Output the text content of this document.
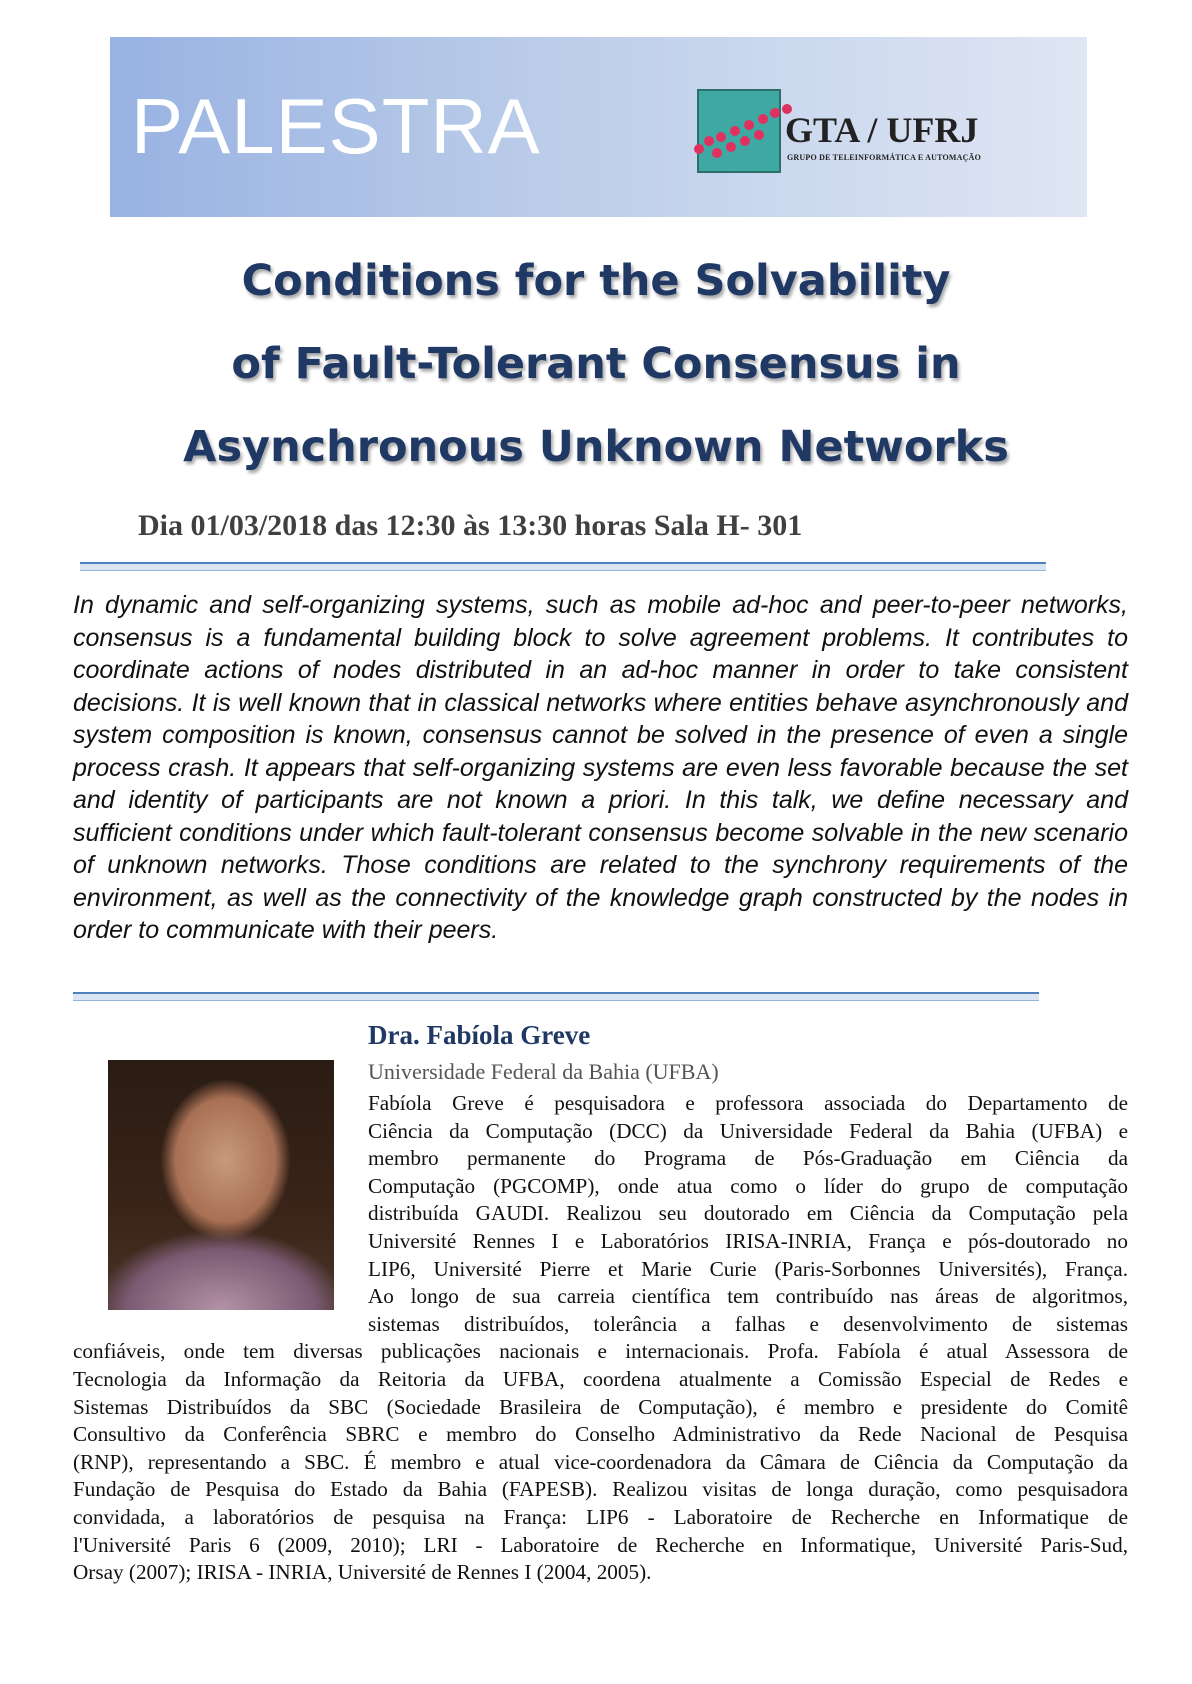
PALESTRA	GTA / UFRJ
GRUPO DE TELEINFORMÁTICA E AUTOMAÇÃO
Conditions for the Solvability
of Fault-Tolerant Consensus in
Asynchronous Unknown Networks
Dia 01/03/2018 das 12:30 às 13:30 horas Sala H- 301
In dynamic and self-organizing systems, such as mobile ad-hoc and peer-to-peer networks, consensus is a fundamental building block to solve agreement problems. It contributes to coordinate actions of nodes distributed in an ad-hoc manner in order to take consistent decisions. It is well known that in classical networks where entities behave asynchronously and system composition is known, consensus cannot be solved in the presence of even a single process crash. It appears that self-organizing systems are even less favorable because the set and identity of participants are not known a priori. In this talk, we define necessary and sufficient conditions under which fault-tolerant consensus become solvable in the new scenario of unknown networks. Those conditions are related to the synchrony requirements of the environment, as well as the connectivity of the knowledge graph constructed by the nodes in order to communicate with their peers.
Dra. Fabíola Greve
Universidade Federal da Bahia (UFBA)
Fabíola Greve é pesquisadora e professora associada do Departamento de
Ciência da Computação (DCC) da Universidade Federal da Bahia (UFBA) e
membro permanente do Programa de Pós-Graduação em Ciência da
Computação (PGCOMP), onde atua como o líder do grupo de computação
distribuída GAUDI. Realizou seu doutorado em Ciência da Computação pela
Université Rennes I e Laboratórios IRISA-INRIA, França e pós-doutorado no
LIP6, Université Pierre et Marie Curie (Paris-Sorbonnes Universités), França.
Ao longo de sua carreia científica tem contribuído nas áreas de algoritmos,
sistemas distribuídos, tolerância a falhas e desenvolvimento de sistemas
confiáveis, onde tem diversas publicações nacionais e internacionais. Profa. Fabíola é atual Assessora de
Tecnologia da Informação da Reitoria da UFBA, coordena atualmente a Comissão Especial de Redes e
Sistemas Distribuídos da SBC (Sociedade Brasileira de Computação), é membro e presidente do Comitê
Consultivo da Conferência SBRC e membro do Conselho Administrativo da Rede Nacional de Pesquisa
(RNP), representando a SBC. É membro e atual vice-coordenadora da Câmara de Ciência da Computação da
Fundação de Pesquisa do Estado da Bahia (FAPESB). Realizou visitas de longa duração, como pesquisadora
convidada, a laboratórios de pesquisa na França: LIP6 - Laboratoire de Recherche en Informatique de
l'Université Paris 6 (2009, 2010); LRI - Laboratoire de Recherche en Informatique, Université Paris-Sud,
Orsay (2007); IRISA - INRIA, Université de Rennes I (2004, 2005).
